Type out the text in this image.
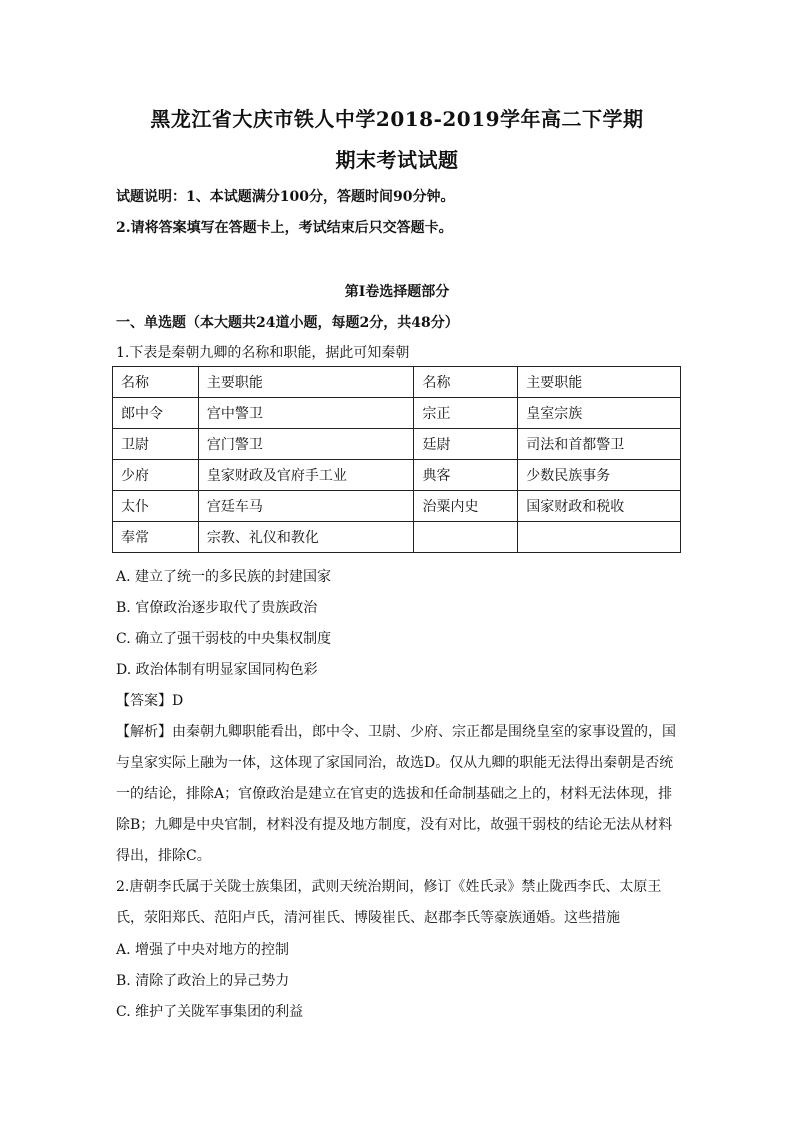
黑龙江省大庆市铁人中学2018-2019学年高二下学期
期末考试试题
试题说明：1、本试题满分100分，答题时间90分钟。
2.请将答案填写在答题卡上，考试结束后只交答题卡。
第Ⅰ卷选择题部分
一、单选题（本大题共24道小题，每题2分，共48分）
1.下表是秦朝九卿的名称和职能，据此可知秦朝
名称	主要职能	名称	主要职能
郎中令	宫中警卫	宗正	皇室宗族
卫尉	宫门警卫	廷尉	司法和首都警卫
少府	皇家财政及官府手工业	典客	少数民族事务
太仆	宫廷车马	治粟内史	国家财政和税收
奉常	宗教、礼仪和教化		
A. 建立了统一的多民族的封建国家
B. 官僚政治逐步取代了贵族政治
C. 确立了强干弱枝的中央集权制度
D. 政治体制有明显家国同构色彩
【答案】D
【解析】由秦朝九卿职能看出，郎中令、卫尉、少府、宗正都是围绕皇室的家事设置的，国
与皇家实际上融为一体，这体现了家国同治，故选D。仅从九卿的职能无法得出秦朝是否统
一的结论，排除A；官僚政治是建立在官吏的选拔和任命制基础之上的，材料无法体现，排
除B；九卿是中央官制，材料没有提及地方制度，没有对比，故强干弱枝的结论无法从材料
得出，排除C。
2.唐朝李氏属于关陇士族集团，武则天统治期间，修订《姓氏录》禁止陇西李氏、太原王
氏，荥阳郑氏、范阳卢氏，清河崔氏、博陵崔氏、赵郡李氏等豪族通婚。这些措施
A. 增强了中央对地方的控制
B. 清除了政治上的异己势力
C. 维护了关陇军事集团的利益
